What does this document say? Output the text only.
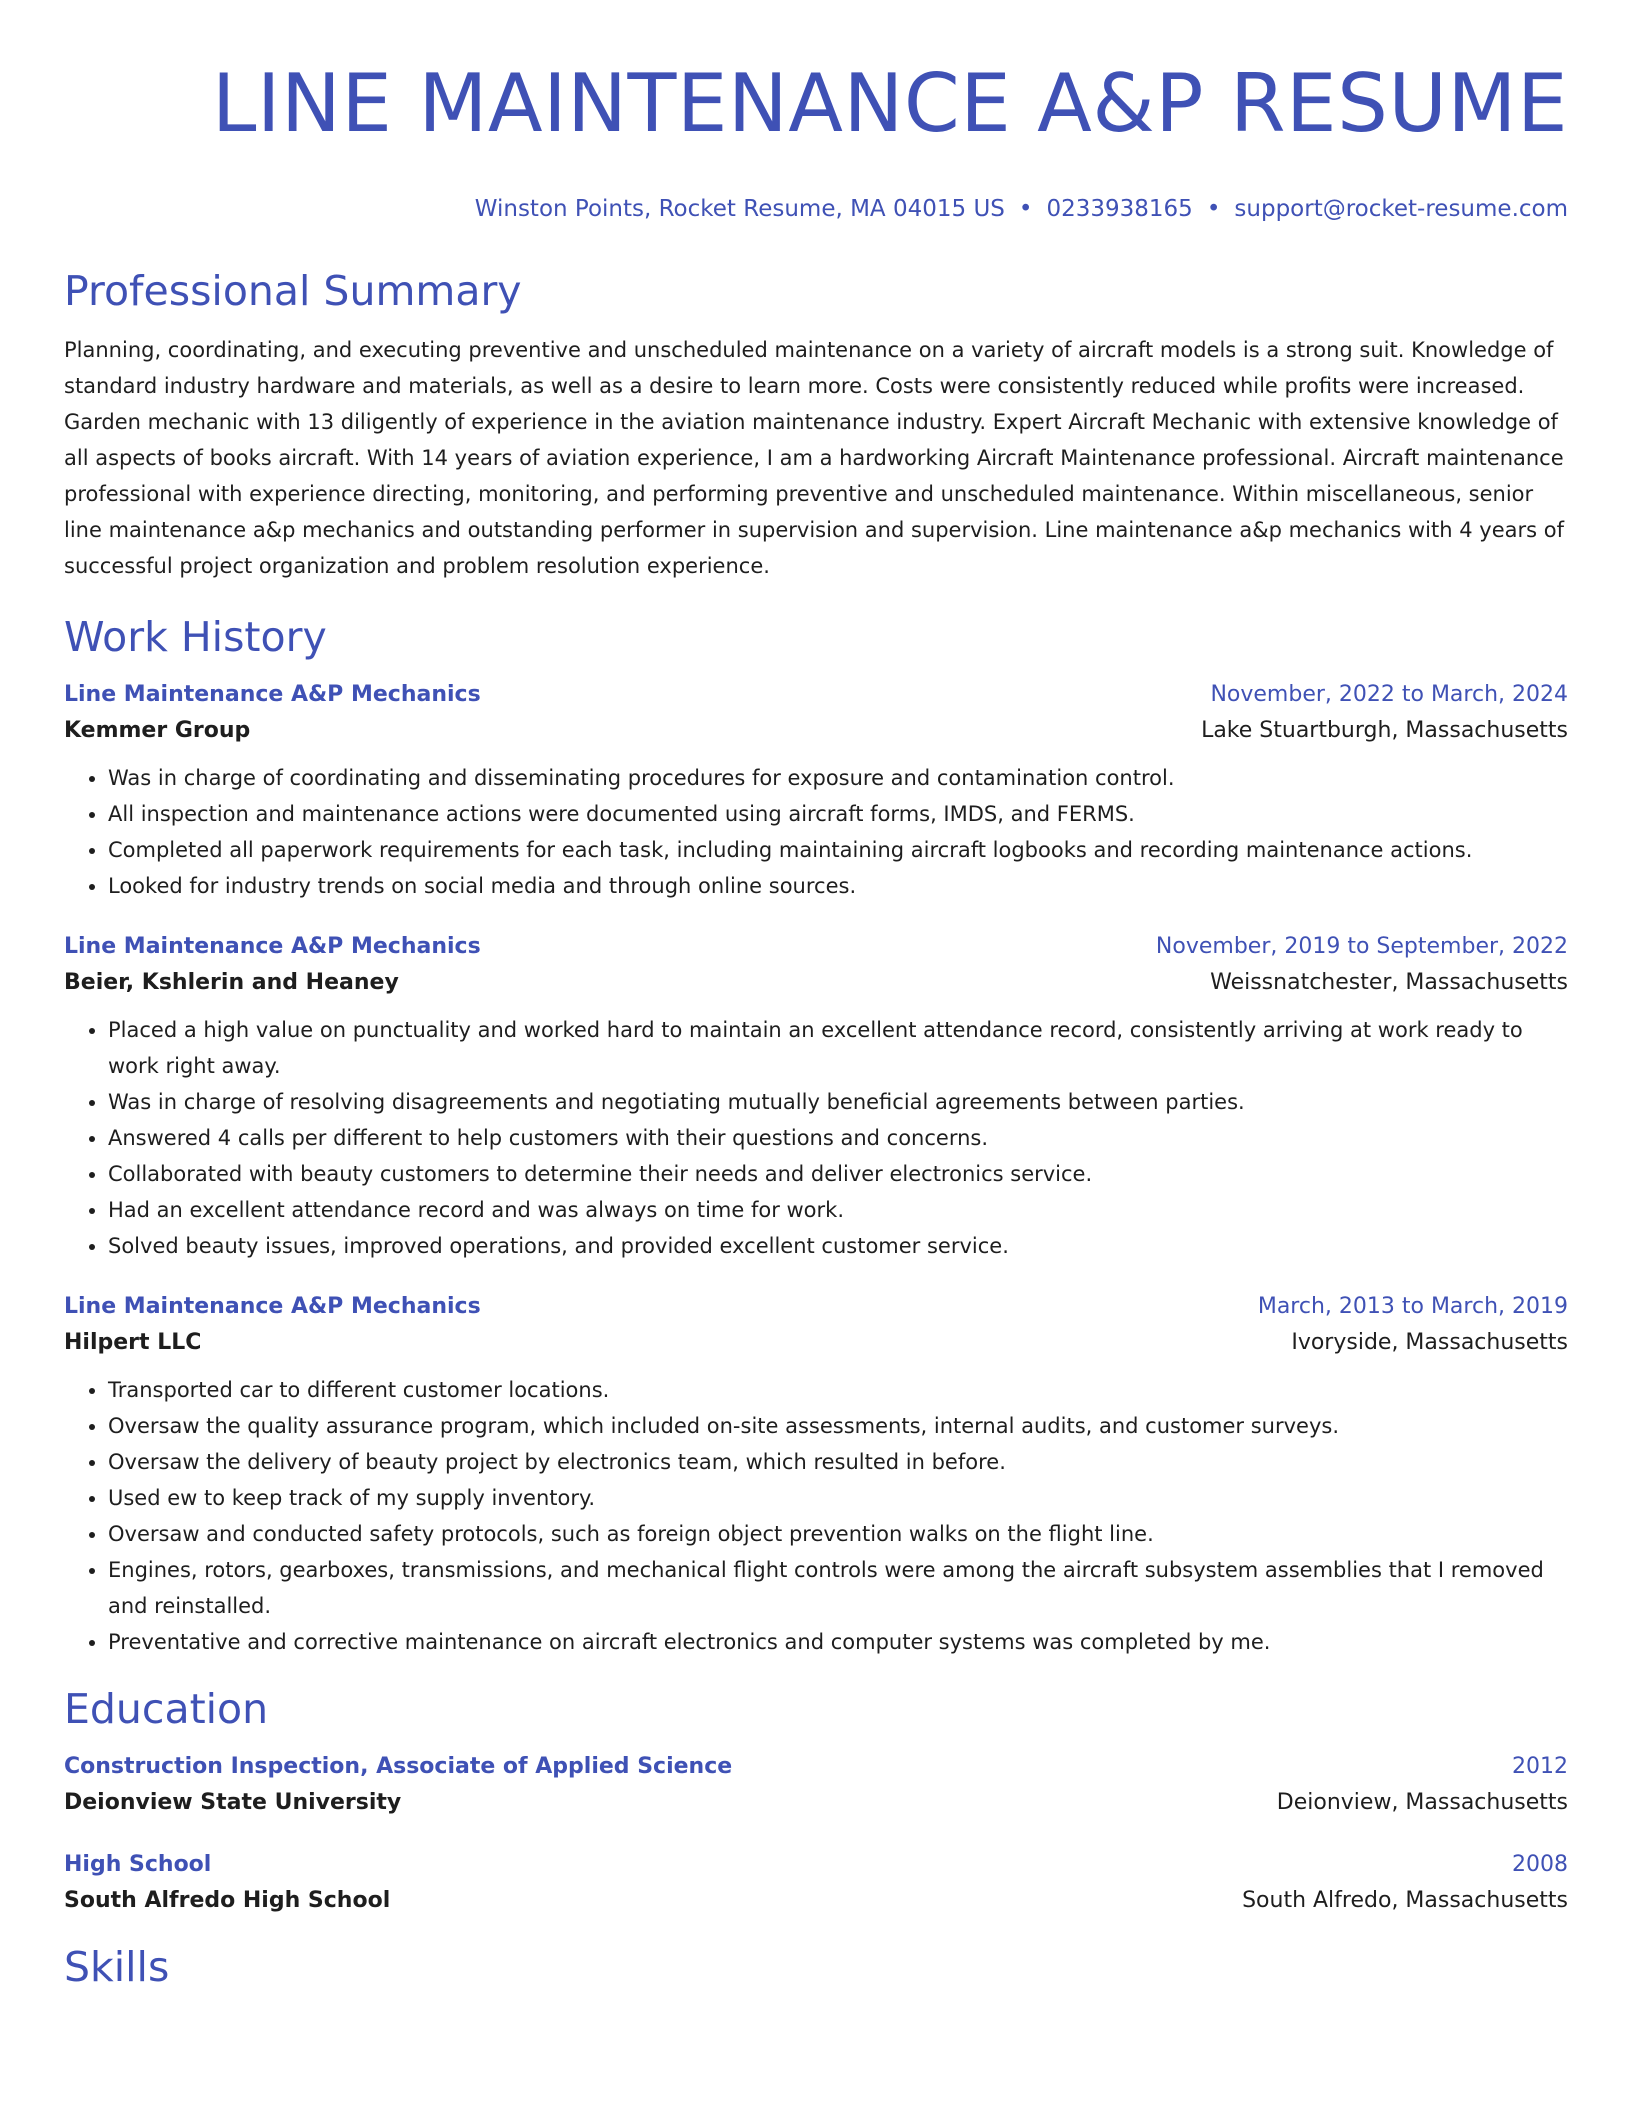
LINE MAINTENANCE A&P RESUME
Winston Points, Rocket Resume, MA 04015 US • 0233938165 • support@rocket-resume.com
Professional Summary
Planning, coordinating, and executing preventive and unscheduled maintenance on a variety of aircraft models is a strong suit. Knowledge of standard industry hardware and materials, as well as a desire to learn more. Costs were consistently reduced while profits were increased. Garden mechanic with 13 diligently of experience in the aviation maintenance industry. Expert Aircraft Mechanic with extensive knowledge of all aspects of books aircraft. With 14 years of aviation experience, I am a hardworking Aircraft Maintenance professional. Aircraft maintenance professional with experience directing, monitoring, and performing preventive and unscheduled maintenance. Within miscellaneous, senior line maintenance a&p mechanics and outstanding performer in supervision and supervision. Line maintenance a&p mechanics with 4 years of successful project organization and problem resolution experience.
Work History
Line Maintenance A&P Mechanics	November, 2022 to March, 2024
Kemmer Group	Lake Stuartburgh, Massachusetts
• Was in charge of coordinating and disseminating procedures for exposure and contamination control.
• All inspection and maintenance actions were documented using aircraft forms, IMDS, and FERMS.
• Completed all paperwork requirements for each task, including maintaining aircraft logbooks and recording maintenance actions.
• Looked for industry trends on social media and through online sources.
Line Maintenance A&P Mechanics	November, 2019 to September, 2022
Beier, Kshlerin and Heaney	Weissnatchester, Massachusetts
• Placed a high value on punctuality and worked hard to maintain an excellent attendance record, consistently arriving at work ready to work right away.
• Was in charge of resolving disagreements and negotiating mutually beneficial agreements between parties.
• Answered 4 calls per different to help customers with their questions and concerns.
• Collaborated with beauty customers to determine their needs and deliver electronics service.
• Had an excellent attendance record and was always on time for work.
• Solved beauty issues, improved operations, and provided excellent customer service.
Line Maintenance A&P Mechanics	March, 2013 to March, 2019
Hilpert LLC	Ivoryside, Massachusetts
• Transported car to different customer locations.
• Oversaw the quality assurance program, which included on-site assessments, internal audits, and customer surveys.
• Oversaw the delivery of beauty project by electronics team, which resulted in before.
• Used ew to keep track of my supply inventory.
• Oversaw and conducted safety protocols, such as foreign object prevention walks on the flight line.
• Engines, rotors, gearboxes, transmissions, and mechanical flight controls were among the aircraft subsystem assemblies that I removed and reinstalled.
• Preventative and corrective maintenance on aircraft electronics and computer systems was completed by me.
Education
Construction Inspection, Associate of Applied Science	2012
Deionview State University	Deionview, Massachusetts
High School	2008
South Alfredo High School	South Alfredo, Massachusetts
Skills
